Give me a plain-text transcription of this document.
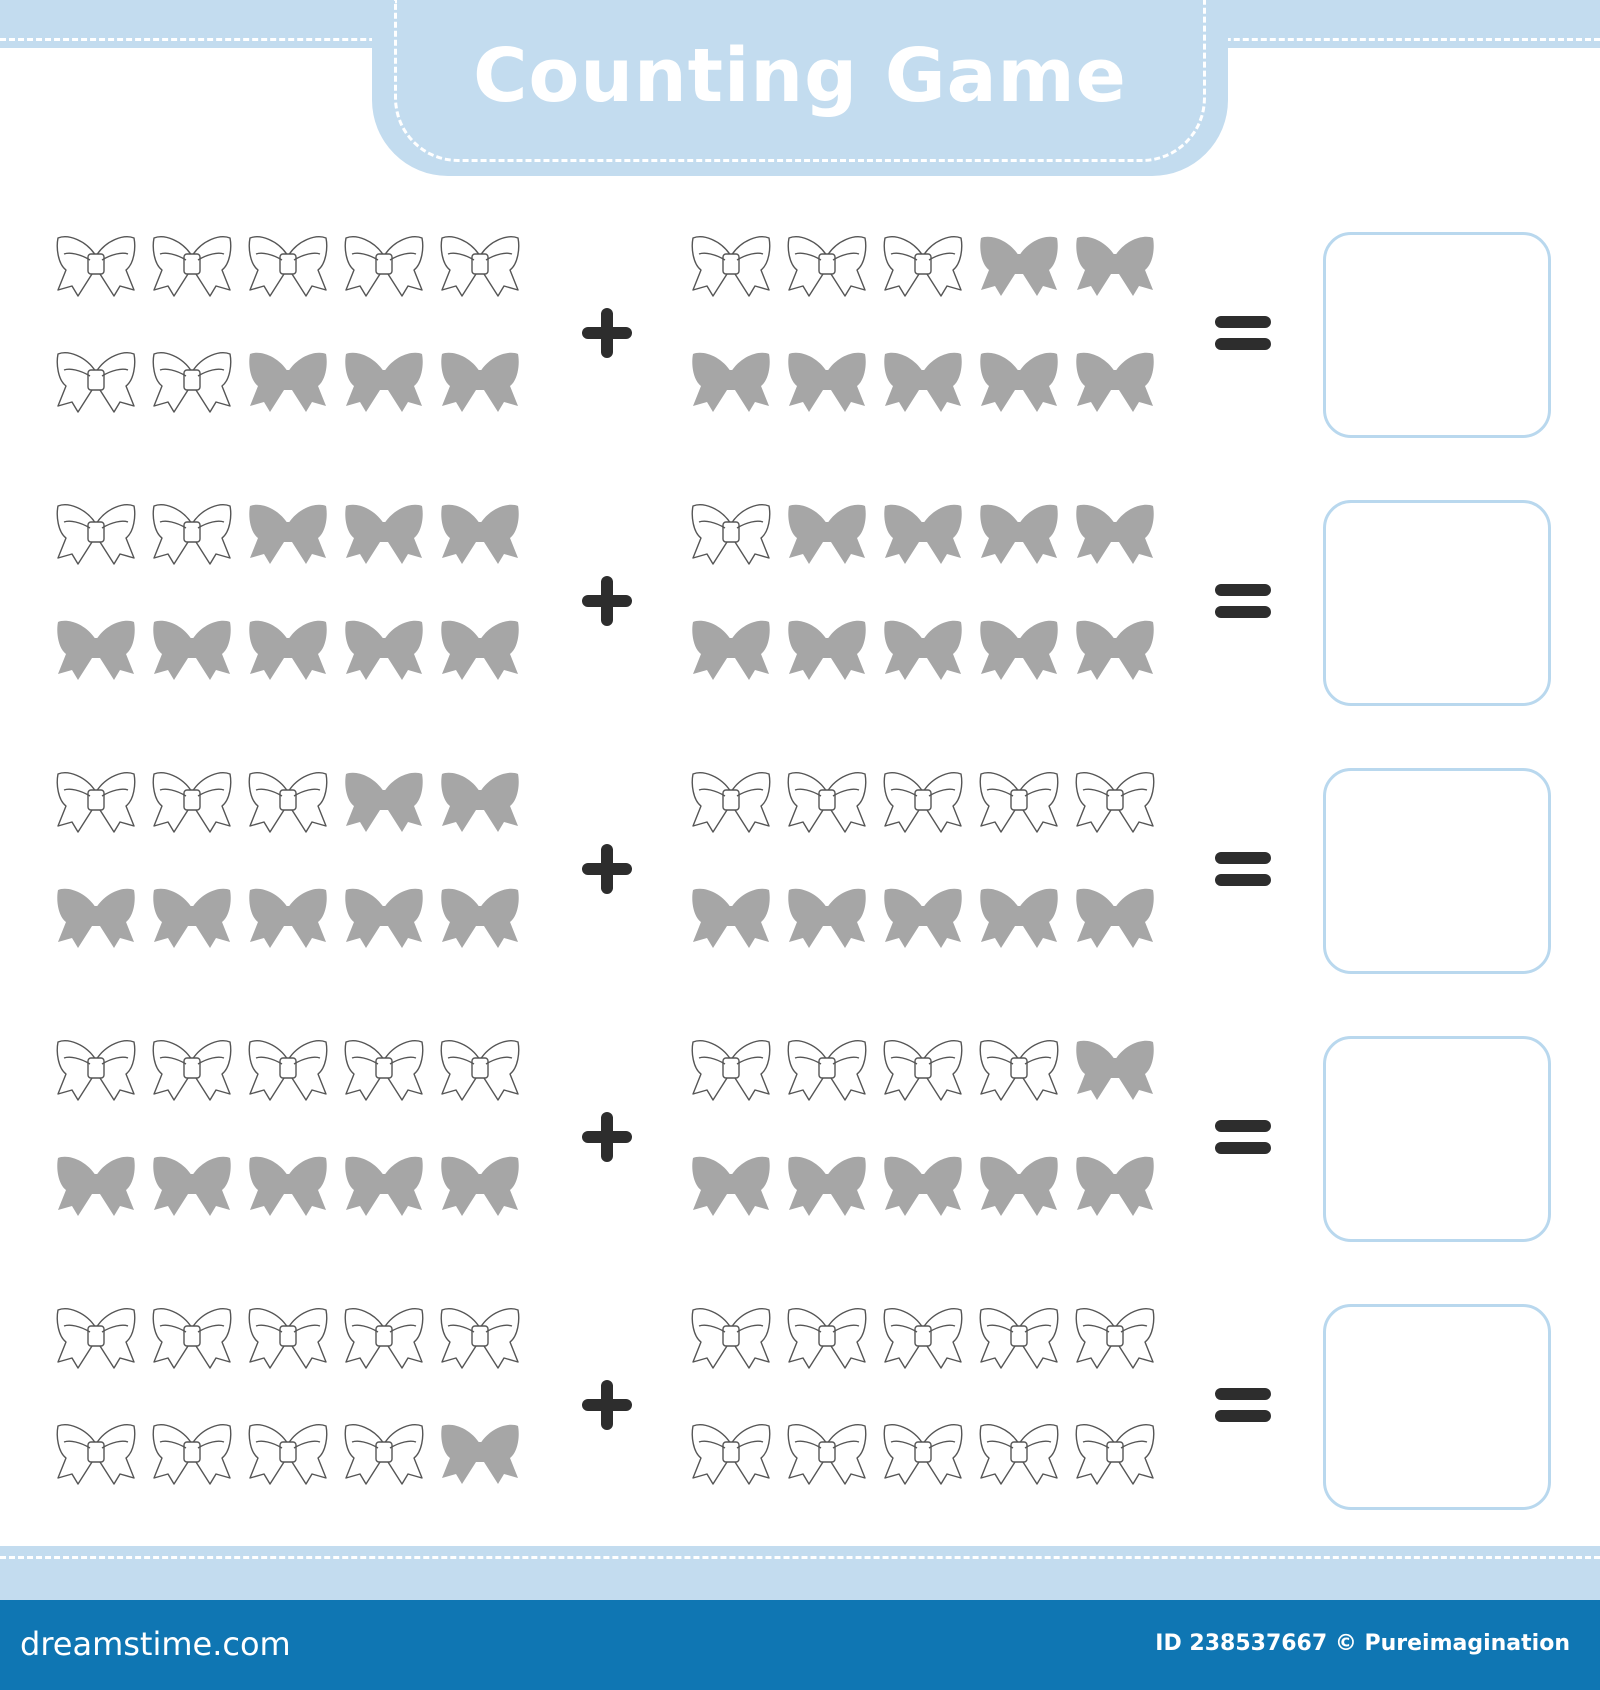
Counting Game
dreamstime.com	ID 238537667 © Pureimagination
